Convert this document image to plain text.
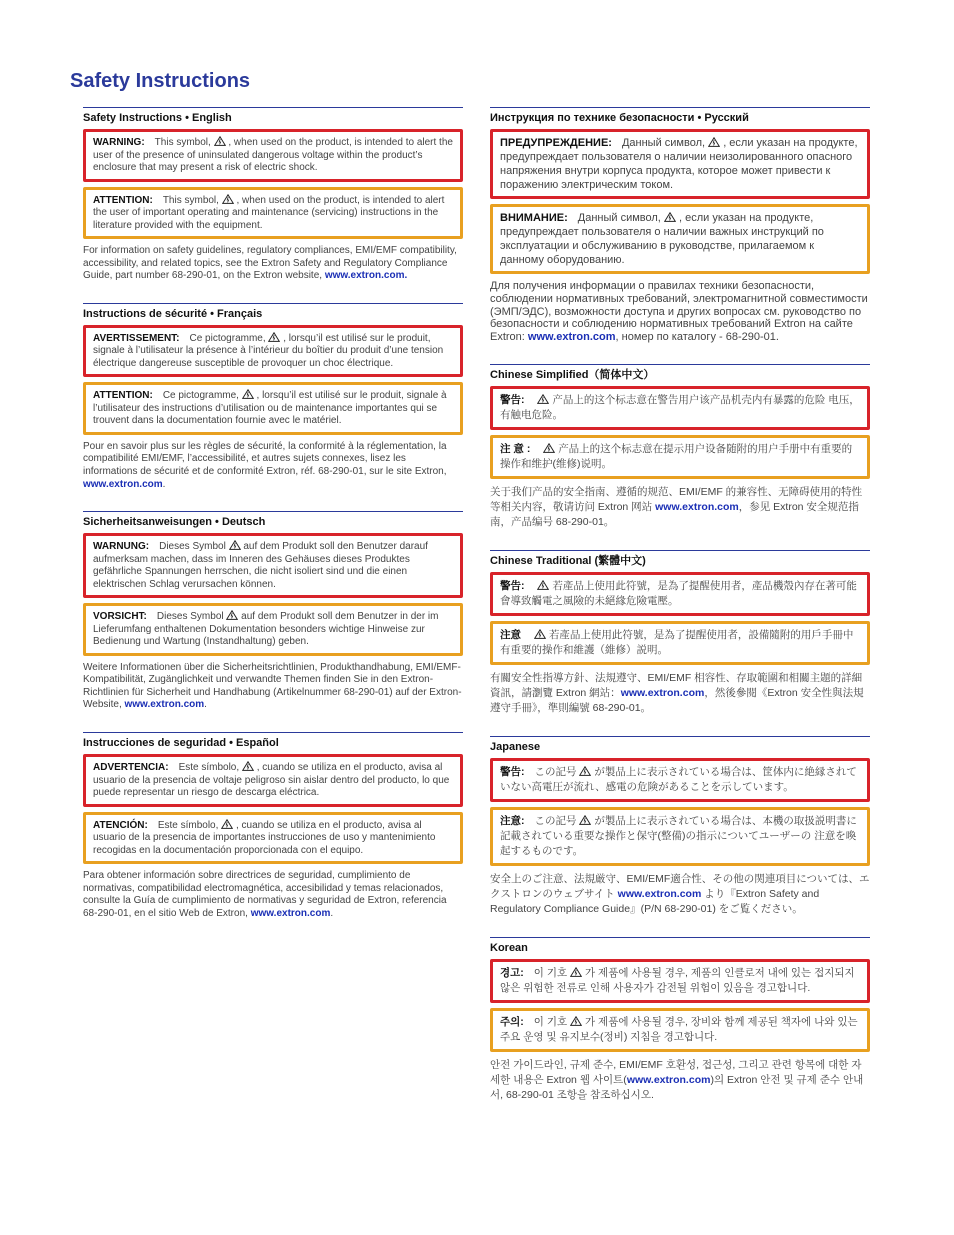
Safety Instructions
Safety Instructions • English
WARNING: This symbol, , when used on the product, is intended to alert the user of the presence of uninsulated dangerous voltage within the product’s enclosure that may present a risk of electric shock.
ATTENTION: This symbol, , when used on the product, is intended to alert the user of important operating and maintenance (servicing) instructions in the literature provided with the equipment.

For information on safety guidelines, regulatory compliances, EMI/EMF compatibility, accessibility, and related topics, see the Extron Safety and Regulatory Compliance Guide, part number 68-290-01, on the Extron website, www.extron.com.

Instructions de sécurité • Français
AVERTISSEMENT: Ce pictogramme, , lorsqu’il est utilisé sur le produit, signale à l’utilisateur la présence à l’intérieur du boîtier du produit d’une tension électrique dangereuse susceptible de provoquer un choc électrique.
ATTENTION: Ce pictogramme, , lorsqu’il est utilisé sur le produit, signale à l’utilisateur des instructions d’utilisation ou de maintenance importantes qui se trouvent dans la documentation fournie avec le matériel.

Pour en savoir plus sur les règles de sécurité, la conformité à la réglementation, la compatibilité EMI/EMF, l’accessibilité, et autres sujets connexes, lisez les informations de sécurité et de conformité Extron, réf. 68-290-01, sur le site Extron, www.extron.com.

Sicherheitsanweisungen • Deutsch
WARNUNG: Dieses Symbol auf dem Produkt soll den Benutzer darauf aufmerksam machen, dass im Inneren des Gehäuses dieses Produktes gefährliche Spannungen herrschen, die nicht isoliert sind und die einen elektrischen Schlag verursachen können.
VORSICHT: Dieses Symbol auf dem Produkt soll dem Benutzer in der im Lieferumfang enthaltenen Dokumentation besonders wichtige Hinweise zur Bedienung und Wartung (Instandhaltung) geben.

Weitere Informationen über die Sicherheitsrichtlinien, Produkthandhabung, EMI/EMF-Kompatibilität, Zugänglichkeit und verwandte Themen finden Sie in den Extron-Richtlinien für Sicherheit und Handhabung (Artikelnummer 68-290-01) auf der Extron-Website, www.extron.com.

Instrucciones de seguridad • Español
ADVERTENCIA: Este símbolo, , cuando se utiliza en el producto, avisa al usuario de la presencia de voltaje peligroso sin aislar dentro del producto, lo que puede representar un riesgo de descarga eléctrica.
ATENCIÓN: Este símbolo, , cuando se utiliza en el producto, avisa al usuario de la presencia de importantes instrucciones de uso y mantenimiento recogidas en la documentación proporcionada con el equipo.

Para obtener información sobre directrices de seguridad, cumplimiento de normativas, compatibilidad electromagnética, accesibilidad y temas relacionados, consulte la Guía de cumplimiento de normativas y seguridad de Extron, referencia 68-290-01, en el sitio Web de Extron, www.extron.com.

Инструкция по технике безопасности • Русский
ПРЕДУПРЕЖДЕНИЕ: Данный символ, , если указан на продукте, предупреждает пользователя о наличии неизолированного опасного напряжения внутри корпуса продукта, которое может привести к поражению электрическим током.
ВНИМАНИЕ: Данный символ, , если указан на продукте, предупреждает пользователя о наличии важных инструкций по эксплуатации и обслуживанию в руководстве, прилагаемом к данному оборудованию.

Для получения информации о правилах техники безопасности, соблюдении нормативных требований, электромагнитной совместимости (ЭМП/ЭДС), возможности доступа и других вопросах см. руководство по безопасности и соблюдению нормативных требований Extron на сайте Extron: www.extron.com, номер по каталогу - 68-290-01.

Chinese Simplified（简体中文）
警告:	产品上的这个标志意在警告用户该产品机壳内有暴露的危险 电压，有触电危险。
注 意 :	产品上的这个标志意在提示用户设备随附的用户手册中有重要的操作和维护(维修)说明。

关于我们产品的安全指南、遵循的规范、EMI/EMF 的兼容性、无障碍使用的特性等相关内容，敬请访问 Extron 网站 www.extron.com，参见 Extron 安全规范指南，产品编号 68-290-01。

Chinese Traditional (繁體中文)
警告:	若產品上使用此符號，是為了提醒使用者，產品機殼內存在著可能會導致觸電之風險的未絕緣危險電壓。
注意	若產品上使用此符號，是為了提醒使用者，設備隨附的用戶手冊中有重要的操作和維護（維修）説明。

有關安全性指導方針、法規遵守、EMI/EMF 相容性、存取範圍和相關主題的詳細資訊，請瀏覽 Extron 網站：www.extron.com，然後參閱《Extron 安全性與法規遵守手冊》，準則編號 68-290-01。

Japanese
警告: この記号 が製品上に表示されている場合は、筐体内に絶縁されていない高電圧が流れ、感電の危険があることを示しています。
注意: この記号 が製品上に表示されている場合は、本機の取扱説明書に 記載されている重要な操作と保守(整備)の指示についてユーザーの 注意を喚起するものです。

安全上のご注意、法規厳守、EMI/EMF適合性、その他の関連項目については、エクストロンのウェブサイト www.extron.com より『Extron Safety and Regulatory Compliance Guide』(P/N 68-290-01) をご覧ください。

Korean
경고: 이 기호 가 제품에 사용될 경우, 제품의 인클로저 내에 있는 접지되지 않은 위험한 전류로 인해 사용자가 감전될 위험이 있음을 경고합니다.
주의: 이 기호 가 제품에 사용될 경우, 장비와 함께 제공된 책자에 나와 있는 주요 운영 및 유지보수(정비) 지침을 경고합니다.

안전 가이드라인, 규제 준수, EMI/EMF 호환성, 접근성, 그리고 관련 항목에 대한 자세한 내용은 Extron 웹 사이트(www.extron.com)의 Extron 안전 및 규제 준수 안내서, 68-290-01 조항을 참조하십시오.
